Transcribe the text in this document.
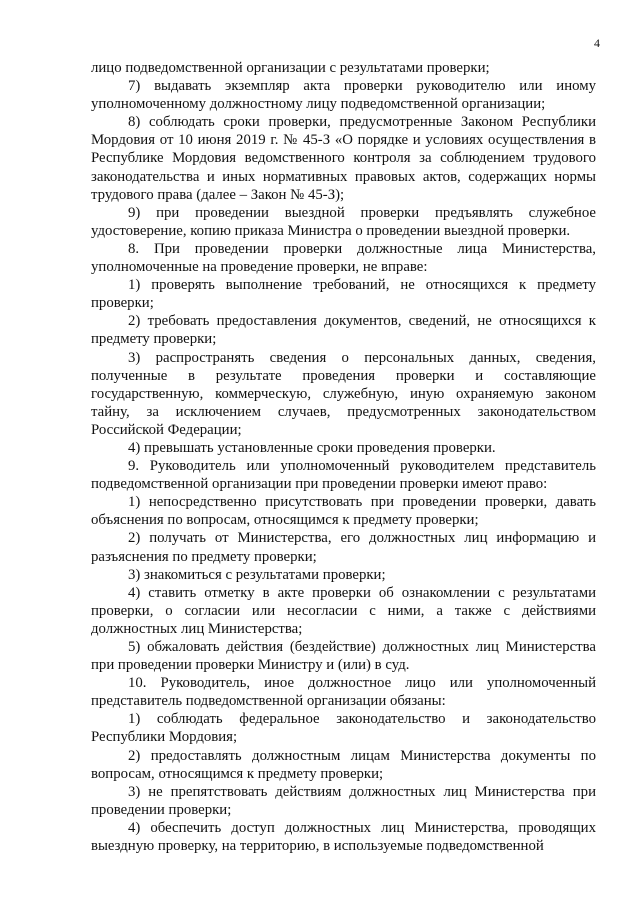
4

лицо подведомственной организации с результатами проверки;

7) выдавать экземпляр акта проверки руководителю или иному уполномоченному должностному лицу подведомственной организации;

8) соблюдать сроки проверки, предусмотренные Законом Республики Мордовия от 10 июня 2019 г. № 45-З «О порядке и условиях осуществления в Республике Мордовия ведомственного контроля за соблюдением трудового законодательства и иных нормативных правовых актов, содержащих нормы трудового права (далее – Закон № 45-З);

9) при проведении выездной проверки предъявлять служебное удостоверение, копию приказа Министра о проведении выездной проверки.

8. При проведении проверки должностные лица Министерства, уполномоченные на проведение проверки, не вправе:

1) проверять выполнение требований, не относящихся к предмету проверки;

2) требовать предоставления документов, сведений, не относящихся к предмету проверки;

3) распространять сведения о персональных данных, сведения, полученные в результате проведения проверки и составляющие государственную, коммерческую, служебную, иную охраняемую законом тайну, за исключением случаев, предусмотренных законодательством Российской Федерации;

4) превышать установленные сроки проведения проверки.

9. Руководитель или уполномоченный руководителем представитель подведомственной организации при проведении проверки имеют право:

1) непосредственно присутствовать при проведении проверки, давать объяснения по вопросам, относящимся к предмету проверки;

2) получать от Министерства, его должностных лиц информацию и разъяснения по предмету проверки;

3) знакомиться с результатами проверки;

4) ставить отметку в акте проверки об ознакомлении с результатами проверки, о согласии или несогласии с ними, а также с действиями должностных лиц Министерства;

5) обжаловать действия (бездействие) должностных лиц Министерства при проведении проверки Министру и (или) в суд.

10. Руководитель, иное должностное лицо или уполномоченный представитель подведомственной организации обязаны:

1) соблюдать федеральное законодательство и законодательство Республики Мордовия;

2) предоставлять должностным лицам Министерства документы по вопросам, относящимся к предмету проверки;

3) не препятствовать действиям должностных лиц Министерства при проведении проверки;

4) обеспечить доступ должностных лиц Министерства, проводящих выездную проверку, на территорию, в используемые подведомственной
